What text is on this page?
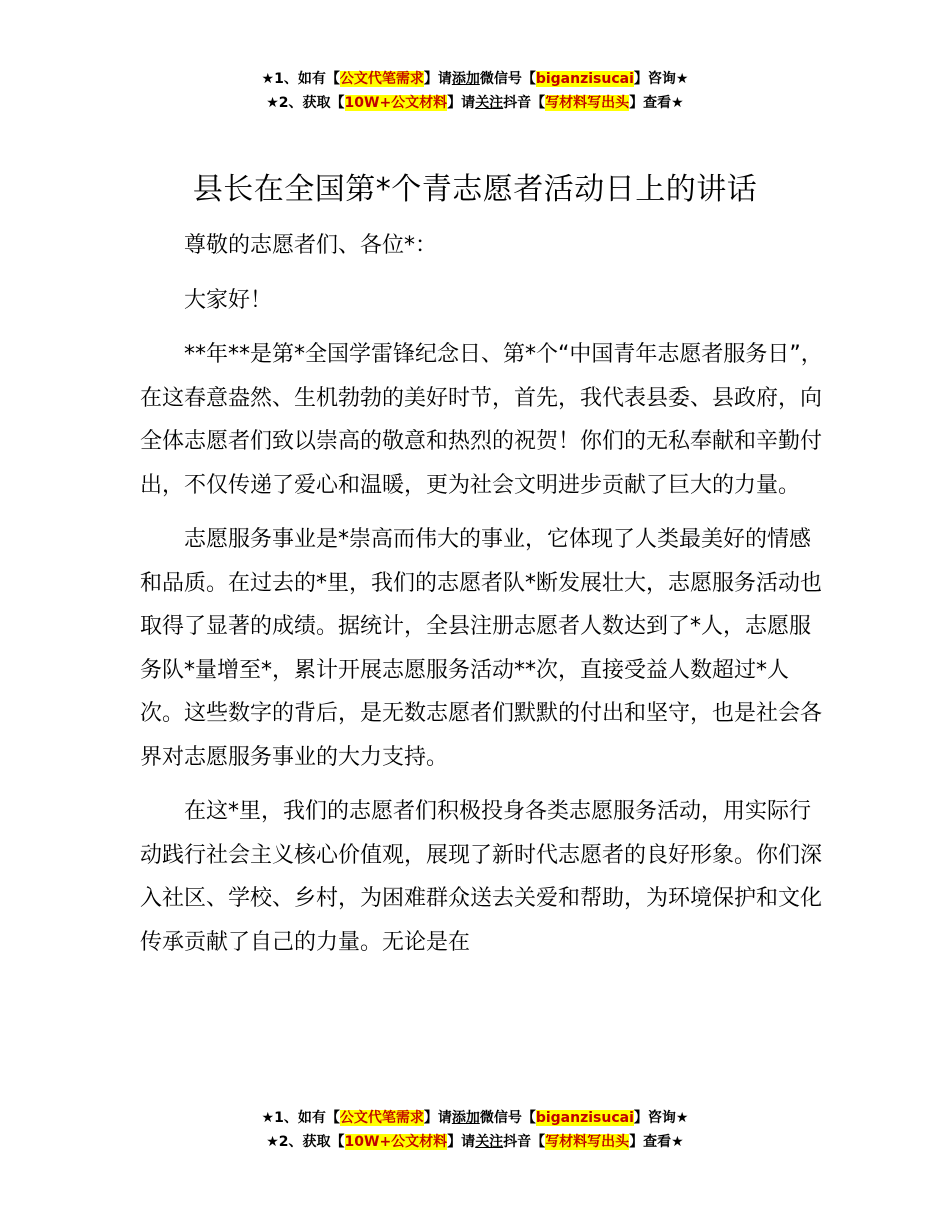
★1、如有【公文代笔需求】请添加微信号【biganzisucai】咨询★
★2、获取【10W+公文材料】请关注抖音【写材料写出头】查看★
县长在全国第*个青志愿者活动日上的讲话

尊敬的志愿者们、各位*：

大家好！

**年**是第*全国学雷锋纪念日、第*个“中国青年志愿者服务日”，在这春意盎然、生机勃勃的美好时节，首先，我代表县委、县政府，向全体志愿者们致以崇高的敬意和热烈的祝贺！你们的无私奉献和辛勤付出，不仅传递了爱心和温暖，更为社会文明进步贡献了巨大的力量。

志愿服务事业是*崇高而伟大的事业，它体现了人类最美好的情感和品质。在过去的*里，我们的志愿者队*断发展壮大，志愿服务活动也取得了显著的成绩。据统计，全县注册志愿者人数达到了*人，志愿服务队*量增至*，累计开展志愿服务活动**次，直接受益人数超过*人次。这些数字的背后，是无数志愿者们默默的付出和坚守，也是社会各界对志愿服务事业的大力支持。

在这*里，我们的志愿者们积极投身各类志愿服务活动，用实际行动践行社会主义核心价值观，展现了新时代志愿者的良好形象。你们深入社区、学校、乡村，为困难群众送去关爱和帮助，为环境保护和文化传承贡献了自己的力量。无论是在

★1、如有【公文代笔需求】请添加微信号【biganzisucai】咨询★
★2、获取【10W+公文材料】请关注抖音【写材料写出头】查看★
